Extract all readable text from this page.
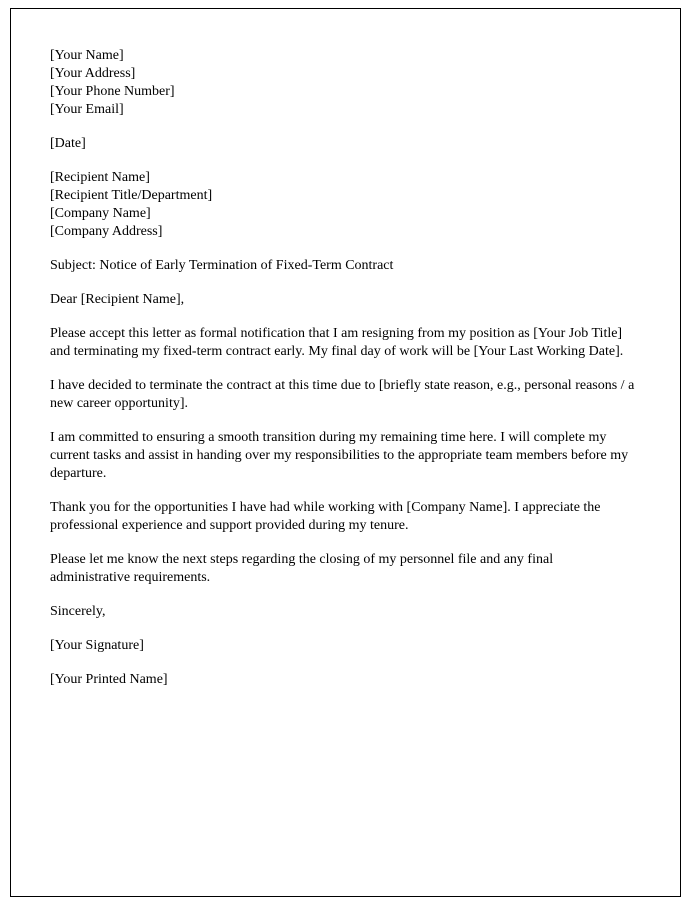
[Your Name]
[Your Address]
[Your Phone Number]
[Your Email]
[Date]
[Recipient Name]
[Recipient Title/Department]
[Company Name]
[Company Address]
Subject: Notice of Early Termination of Fixed-Term Contract
Dear [Recipient Name],
Please accept this letter as formal notification that I am resigning from my position as [Your Job Title] and terminating my fixed-term contract early. My final day of work will be [Your Last Working Date].
I have decided to terminate the contract at this time due to [briefly state reason, e.g., personal reasons / a new career opportunity].
I am committed to ensuring a smooth transition during my remaining time here. I will complete my current tasks and assist in handing over my responsibilities to the appropriate team members before my departure.
Thank you for the opportunities I have had while working with [Company Name]. I appreciate the professional experience and support provided during my tenure.
Please let me know the next steps regarding the closing of my personnel file and any final administrative requirements.
Sincerely,
[Your Signature]
[Your Printed Name]
